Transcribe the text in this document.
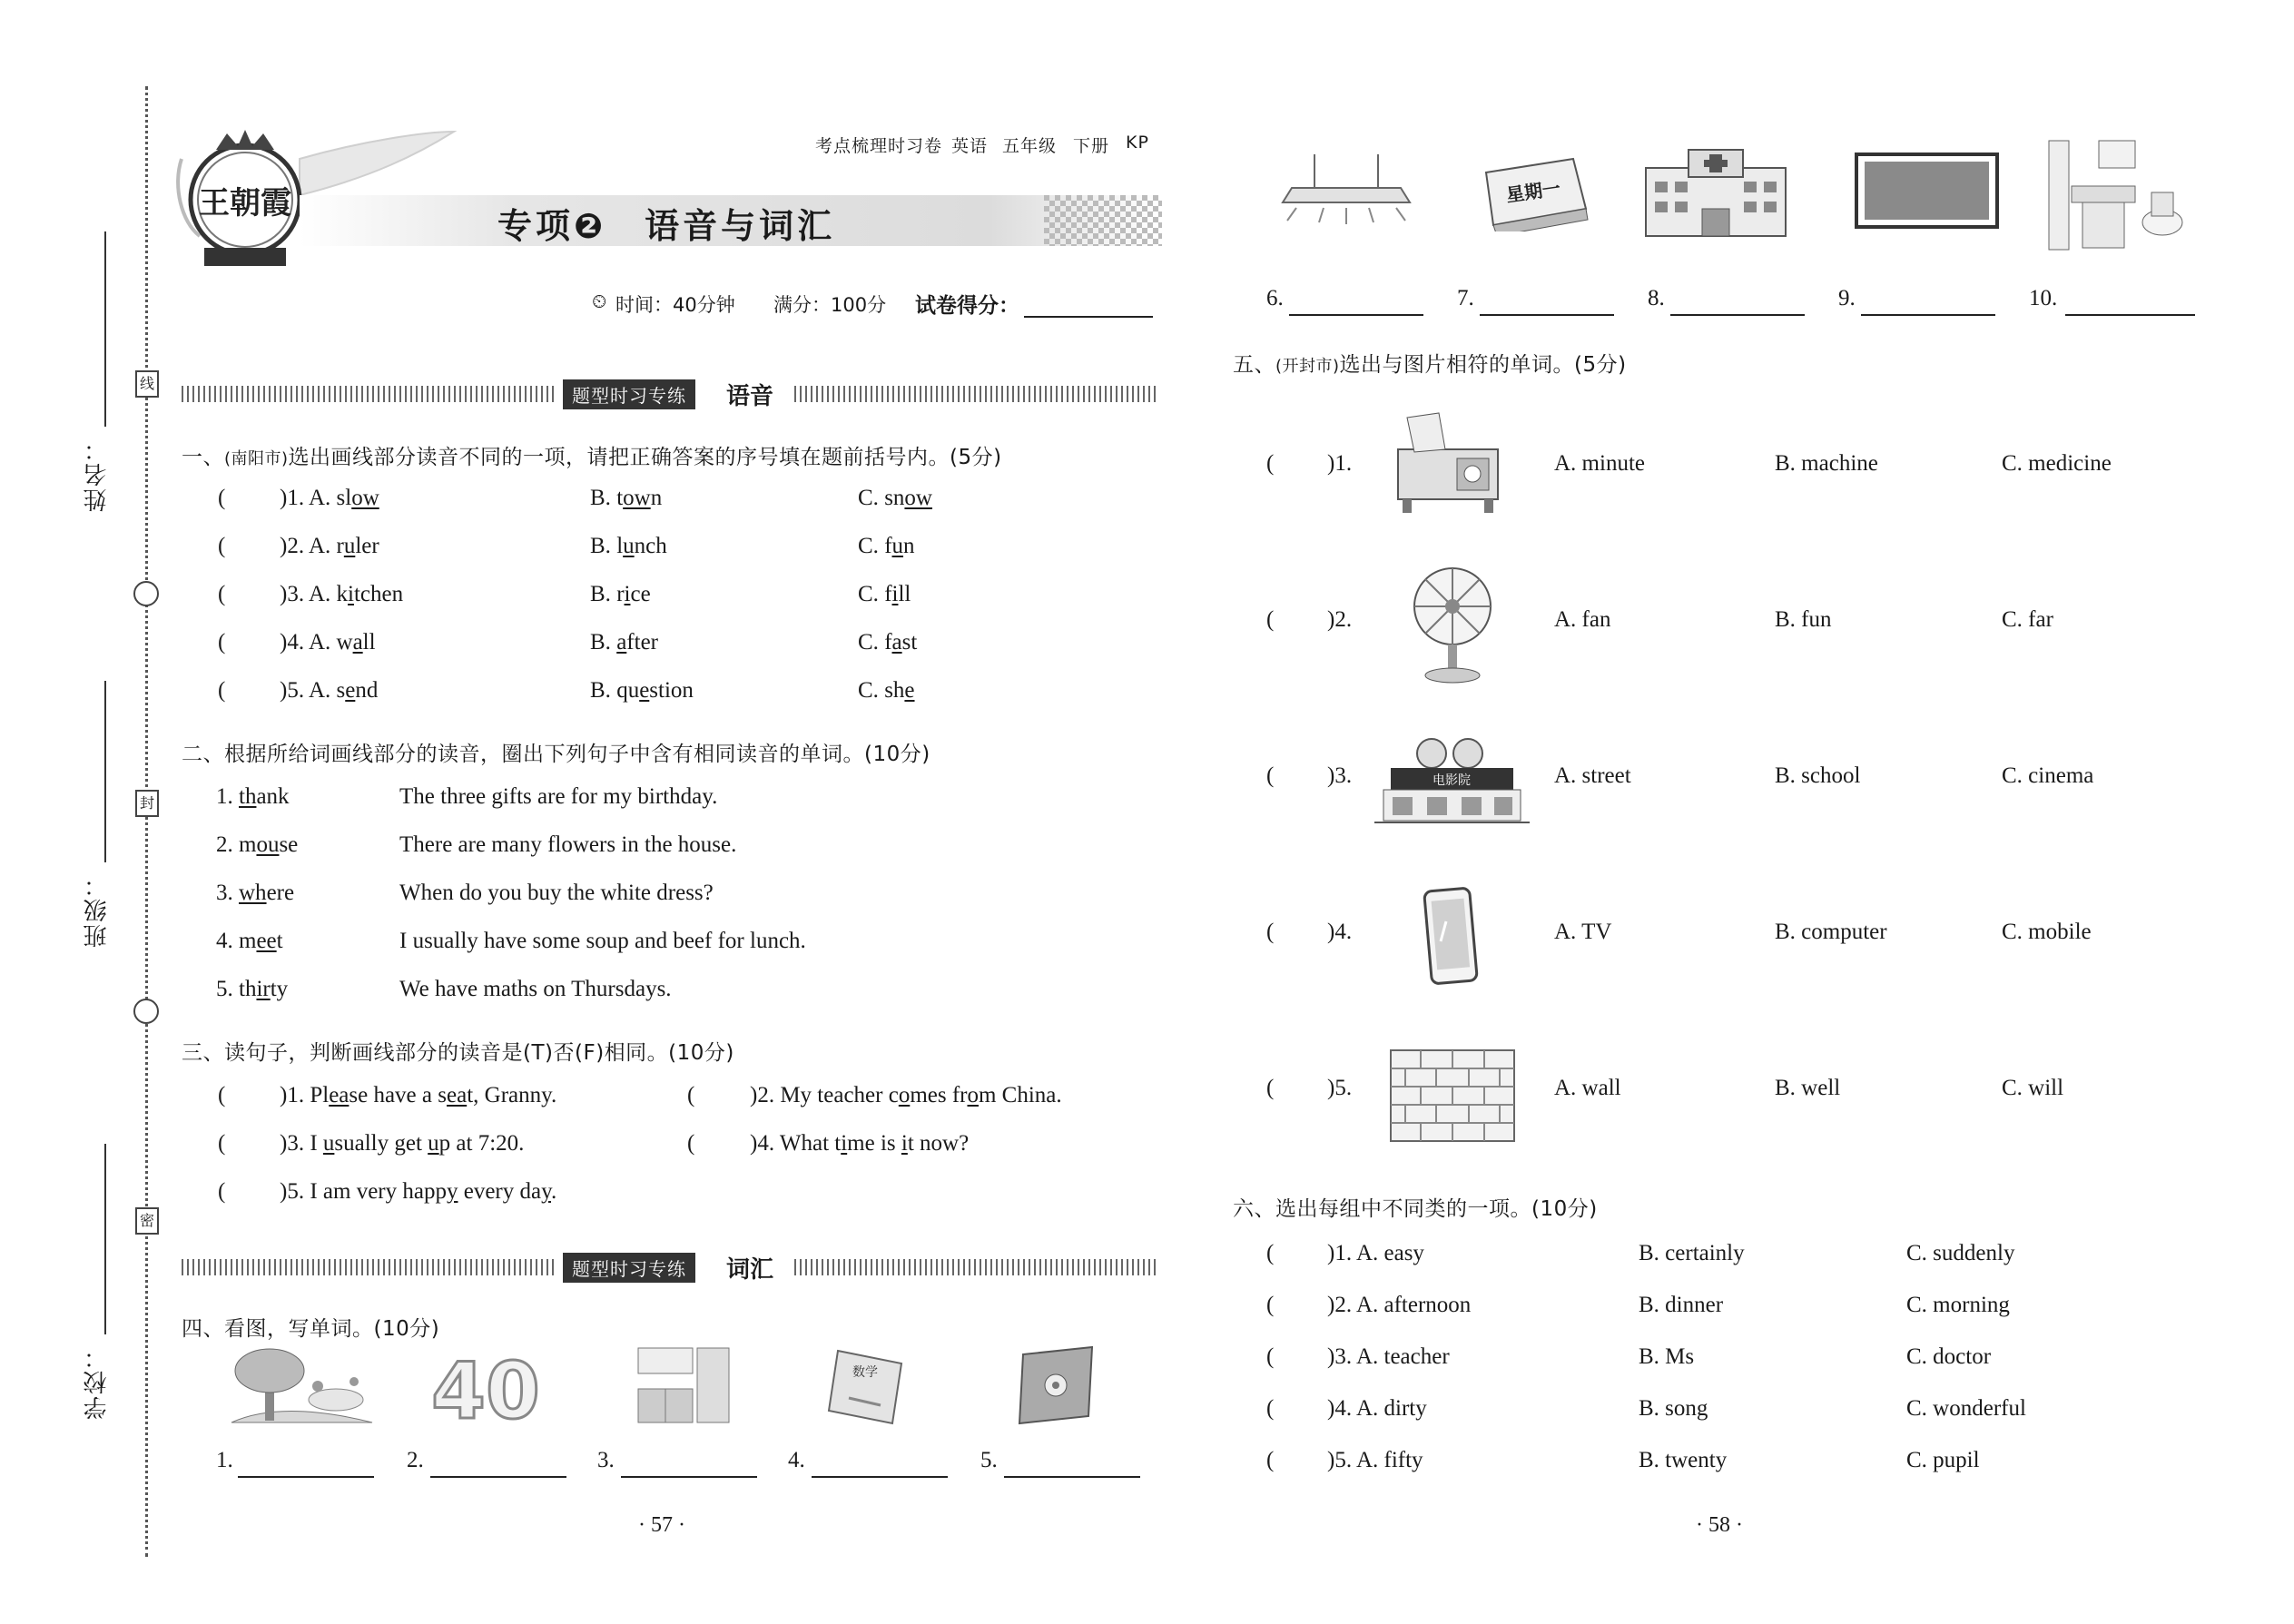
姓名：
班级：
学校：
线
封
密
王朝霞
考点梳理时习卷 英语 五年级 下册 KP
专项❷　语音与词汇
⏲ 时间：40分钟 满分：100分 试卷得分：
题型时习专练	语音
一、(南阳市)选出画线部分读音不同的一项，请把正确答案的序号填在题前括号内。(5分)
( )1. A. slow	B. town	C. snow
( )2. A. ruler	B. lunch	C. fun
( )3. A. kitchen	B. rice	C. fill
( )4. A. wall	B. after	C. fast
( )5. A. send	B. question	C. she
二、根据所给词画线部分的读音，圈出下列句子中含有相同读音的单词。(10分)
1. thank	The three gifts are for my birthday.
2. mouse	There are many flowers in the house.
3. where	When do you buy the white dress?
4. meet	I usually have some soup and beef for lunch.
5. thirty	We have maths on Thursdays.
三、读句子，判断画线部分的读音是(T)否(F)相同。(10分)
( )1. Please have a seat, Granny.	( )2. My teacher comes from China.
( )3. I usually get up at 7:20.	( )4. What time is it now?
( )5. I am very happy every day.
题型时习专练	词汇
四、看图，写单词。(10分)
40	数学
1.	2.	3.	4.	5.
· 57 ·
星期一
6.	7.	8.	9.	10.
五、(开封市)选出与图片相符的单词。(5分)
( )1.	A. minute	B. machine	C. medicine
( )2.	A. fan	B. fun	C. far
( )3.	电影院	A. street	B. school	C. cinema
( )4.	A. TV	B. computer	C. mobile
( )5.	A. wall	B. well	C. will
六、选出每组中不同类的一项。(10分)
( )1. A. easy	B. certainly	C. suddenly
( )2. A. afternoon	B. dinner	C. morning
( )3. A. teacher	B. Ms	C. doctor
( )4. A. dirty	B. song	C. wonderful
( )5. A. fifty	B. twenty	C. pupil
· 58 ·
